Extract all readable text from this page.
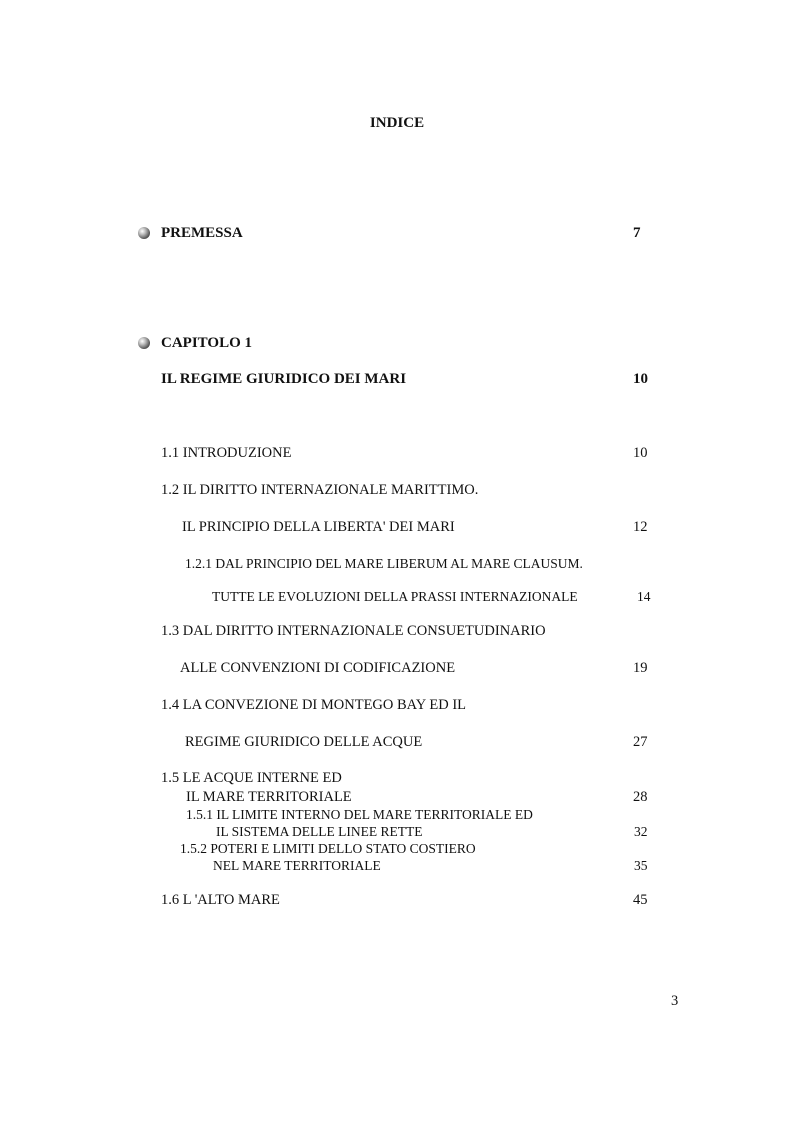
INDICE
PREMESSA	7
CAPITOLO 1
IL REGIME GIURIDICO DEI MARI	10
1.1 INTRODUZIONE	10
1.2 IL DIRITTO INTERNAZIONALE MARITTIMO.
IL PRINCIPIO DELLA LIBERTA' DEI MARI	12
1.2.1 DAL PRINCIPIO DEL MARE LIBERUM AL MARE CLAUSUM.
TUTTE LE EVOLUZIONI DELLA PRASSI INTERNAZIONALE	14
1.3 DAL DIRITTO INTERNAZIONALE CONSUETUDINARIO
ALLE CONVENZIONI DI CODIFICAZIONE	19
1.4 LA CONVEZIONE DI MONTEGO BAY ED IL
REGIME GIURIDICO DELLE ACQUE	27
1.5 LE ACQUE INTERNE ED
IL MARE TERRITORIALE	28
1.5.1 IL LIMITE INTERNO DEL MARE TERRITORIALE ED
IL SISTEMA DELLE LINEE RETTE	32
1.5.2 POTERI E LIMITI DELLO STATO COSTIERO
NEL MARE TERRITORIALE	35
1.6 L 'ALTO MARE	45
3
